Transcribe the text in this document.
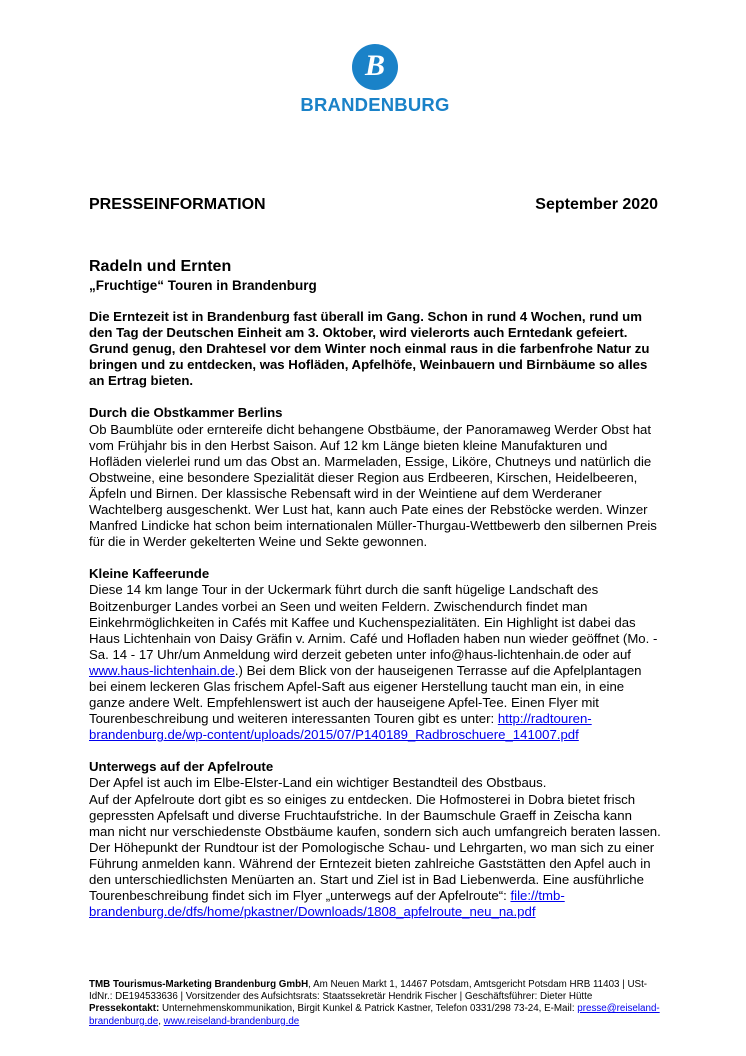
B
BRANDENBURG
PRESSEINFORMATION	September 2020
Radeln und Ernten
„Fruchtige“ Touren in Brandenburg

Die Erntezeit ist in Brandenburg fast überall im Gang. Schon in rund 4 Wochen, rund um den Tag der Deutschen Einheit am 3. Oktober, wird vielerorts auch Erntedank gefeiert. Grund genug, den Drahtesel vor dem Winter noch einmal raus in die farbenfrohe Natur zu bringen und zu entdecken, was Hofläden, Apfelhöfe, Weinbauern und Birnbäume so alles an Ertrag bieten.

Durch die Obstkammer Berlins

Ob Baumblüte oder erntereife dicht behangene Obstbäume, der Panoramaweg Werder Obst hat vom Frühjahr bis in den Herbst Saison. Auf 12 km Länge bieten kleine Manufakturen und Hofläden vielerlei rund um das Obst an. Marmeladen, Essige, Liköre, Chutneys und natürlich die Obstweine, eine besondere Spezialität dieser Region aus Erdbeeren, Kirschen, Heidelbeeren, Äpfeln und Birnen. Der klassische Rebensaft wird in der Weintiene auf dem Werderaner Wachtelberg ausgeschenkt. Wer Lust hat, kann auch Pate eines der Rebstöcke werden. Winzer Manfred Lindicke hat schon beim internationalen Müller-Thurgau-Wettbewerb den silbernen Preis für die in Werder gekelterten Weine und Sekte gewonnen.

Kleine Kaffeerunde

Diese 14 km lange Tour in der Uckermark führt durch die sanft hügelige Landschaft des Boitzenburger Landes vorbei an Seen und weiten Feldern. Zwischendurch findet man Einkehrmöglichkeiten in Cafés mit Kaffee und Kuchenspezialitäten. Ein Highlight ist dabei das Haus Lichtenhain von Daisy Gräfin v. Arnim. Café und Hofladen haben nun wieder geöffnet (Mo. - Sa. 14 - 17 Uhr/um Anmeldung wird derzeit gebeten unter info@haus-lichtenhain.de oder auf www.haus-lichtenhain.de.) Bei dem Blick von der hauseigenen Terrasse auf die Apfelplantagen bei einem leckeren Glas frischem Apfel-Saft aus eigener Herstellung taucht man ein, in eine ganze andere Welt. Empfehlenswert ist auch der hauseigene Apfel-Tee. Einen Flyer mit Tourenbeschreibung und weiteren interessanten Touren gibt es unter: http://radtouren-brandenburg.de/wp-content/uploads/2015/07/P140189_Radbroschuere_141007.pdf

Unterwegs auf der Apfelroute

Der Apfel ist auch im Elbe-Elster-Land ein wichtiger Bestandteil des Obstbaus.

Auf der Apfelroute dort gibt es so einiges zu entdecken. Die Hofmosterei in Dobra bietet frisch gepressten Apfelsaft und diverse Fruchtaufstriche. In der Baumschule Graeff in Zeischa kann man nicht nur verschiedenste Obstbäume kaufen, sondern sich auch umfangreich beraten lassen. Der Höhepunkt der Rundtour ist der Pomologische Schau- und Lehrgarten, wo man sich zu einer Führung anmelden kann. Während der Erntezeit bieten zahlreiche Gaststätten den Apfel auch in den unterschiedlichsten Menüarten an. Start und Ziel ist in Bad Liebenwerda. Eine ausführliche Tourenbeschreibung findet sich im Flyer „unterwegs auf der Apfelroute“: file://tmb-brandenburg.de/dfs/home/pkastner/Downloads/1808_apfelroute_neu_na.pdf

TMB Tourismus-Marketing Brandenburg GmbH, Am Neuen Markt 1, 14467 Potsdam, Amtsgericht Potsdam HRB 11403 | USt-IdNr.: DE194533636 | Vorsitzender des Aufsichtsrats: Staatssekretär Hendrik Fischer | Geschäftsführer: Dieter Hütte Pressekontakt: Unternehmenskommunikation, Birgit Kunkel & Patrick Kastner, Telefon 0331/298 73-24, E-Mail: presse@reiseland-brandenburg.de, www.reiseland-brandenburg.de
